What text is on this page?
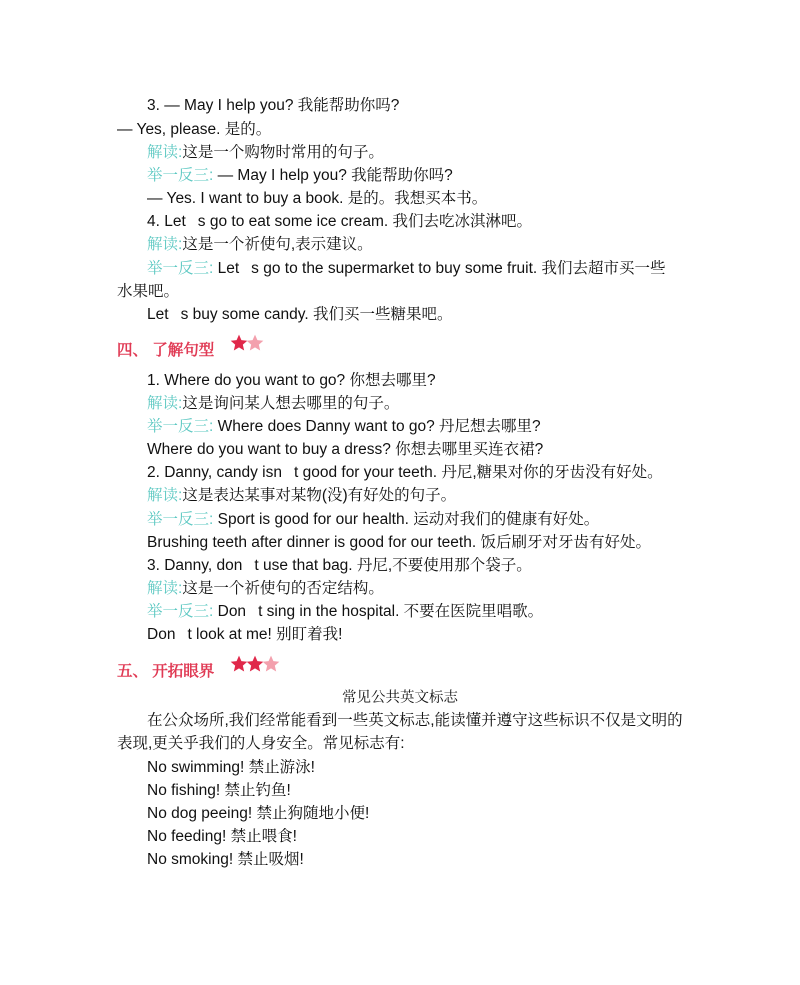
3. — May I help you? 我能帮助你吗?
— Yes, please. 是的。
解读:这是一个购物时常用的句子。
举一反三: — May I help you? 我能帮助你吗?
— Yes. I want to buy a book. 是的。我想买本书。
4. Let s go to eat some ice cream. 我们去吃冰淇淋吧。
解读:这是一个祈使句,表示建议。
举一反三: Let s go to the supermarket to buy some fruit. 我们去超市买一些
水果吧。
Let s buy some candy. 我们买一些糖果吧。
四、 了解句型
1. Where do you want to go? 你想去哪里?
解读:这是询问某人想去哪里的句子。
举一反三: Where does Danny want to go? 丹尼想去哪里?
Where do you want to buy a dress? 你想去哪里买连衣裙?
2. Danny, candy isn t good for your teeth. 丹尼,糖果对你的牙齿没有好处。
解读:这是表达某事对某物(没)有好处的句子。
举一反三: Sport is good for our health. 运动对我们的健康有好处。
Brushing teeth after dinner is good for our teeth. 饭后刷牙对牙齿有好处。
3. Danny, don t use that bag. 丹尼,不要使用那个袋子。
解读:这是一个祈使句的否定结构。
举一反三: Don t sing in the hospital. 不要在医院里唱歌。
Don t look at me! 别盯着我!
五、 开拓眼界
常见公共英文标志
在公众场所,我们经常能看到一些英文标志,能读懂并遵守这些标识不仅是文明的
表现,更关乎我们的人身安全。常见标志有:
No swimming! 禁止游泳!
No fishing! 禁止钓鱼!
No dog peeing! 禁止狗随地小便!
No feeding! 禁止喂食!
No smoking! 禁止吸烟!
